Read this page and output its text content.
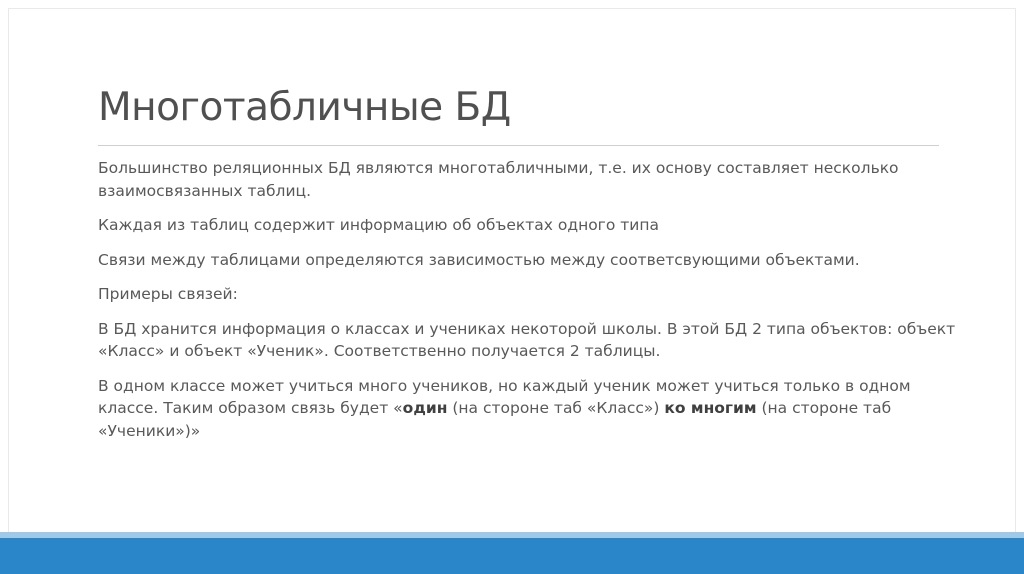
Многотабличные БД

Большинство реляционных БД являются многотабличными, т.е. их основу составляет несколько взаимосвязанных таблиц.

Каждая из таблиц содержит информацию об объектах одного типа

Связи между таблицами определяются зависимостью между соответсвующими объектами.

Примеры связей:

В БД хранится информация о классах и учениках некоторой школы. В этой БД 2 типа объектов: объект «Класс» и объект «Ученик». Соответственно получается 2 таблицы.

В одном классе может учиться много учеников, но каждый ученик может учиться только в одном классе. Таким образом связь будет «один (на стороне таб «Класс») ко многим (на стороне таб «Ученики»)»
